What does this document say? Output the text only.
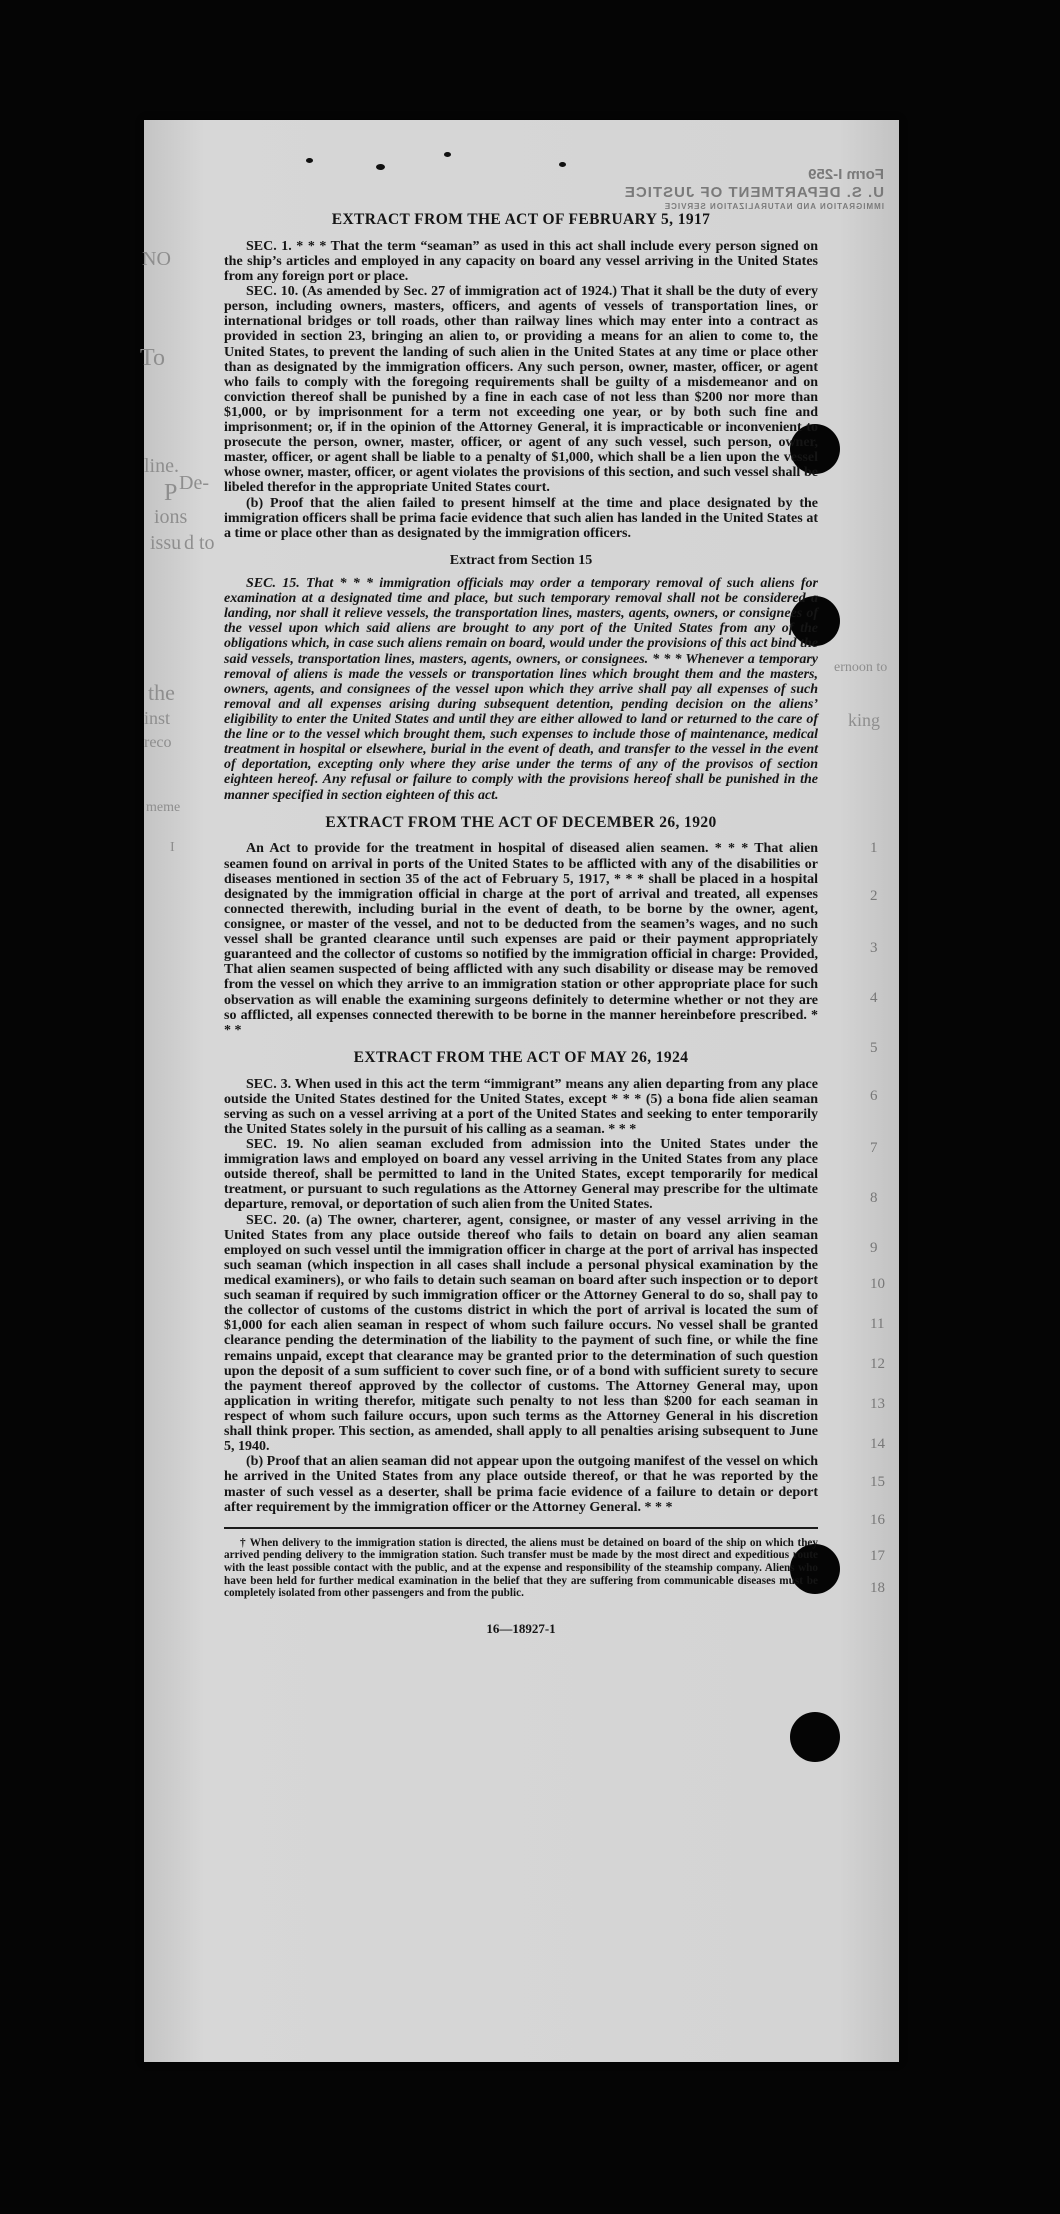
Form I-259
U. S. DEPARTMENT OF JUSTICE
IMMIGRATION AND NATURALIZATION SERVICE
NO
To
line.
P De-
ions
issu d to
the
inst
reco
meme
I
ernoon to
king
1
2
3
4
5
6
7
8
9
10
11
12
13
14
15
16
17
18
EXTRACT FROM THE ACT OF FEBRUARY 5, 1917

SEC. 1. * * * That the term “seaman” as used in this act shall include every person signed on the ship’s articles and employed in any capacity on board any vessel arriving in the United States from any foreign port or place.

SEC. 10. (As amended by Sec. 27 of immigration act of 1924.) That it shall be the duty of every person, including owners, masters, officers, and agents of vessels of transportation lines, or international bridges or toll roads, other than railway lines which may enter into a contract as provided in section 23, bringing an alien to, or providing a means for an alien to come to, the United States, to prevent the landing of such alien in the United States at any time or place other than as designated by the immigration officers. Any such person, owner, master, officer, or agent who fails to comply with the foregoing requirements shall be guilty of a misdemeanor and on conviction thereof shall be punished by a fine in each case of not less than $200 nor more than $1,000, or by imprisonment for a term not exceeding one year, or by both such fine and imprisonment; or, if in the opinion of the Attorney General, it is impracticable or inconvenient to prosecute the person, owner, master, officer, or agent of any such vessel, such person, owner, master, officer, or agent shall be liable to a penalty of $1,000, which shall be a lien upon the vessel whose owner, master, officer, or agent violates the provisions of this section, and such vessel shall be libeled therefor in the appropriate United States court.

(b) Proof that the alien failed to present himself at the time and place designated by the immigration officers shall be prima facie evidence that such alien has landed in the United States at a time or place other than as designated by the immigration officers.

Extract from Section 15

SEC. 15. That * * * immigration officials may order a temporary removal of such aliens for examination at a designated time and place, but such temporary removal shall not be considered a landing, nor shall it relieve vessels, the transportation lines, masters, agents, owners, or consignees of the vessel upon which said aliens are brought to any port of the United States from any of the obligations which, in case such aliens remain on board, would under the provisions of this act bind the said vessels, transportation lines, masters, agents, owners, or consignees. * * * Whenever a temporary removal of aliens is made the vessels or transportation lines which brought them and the masters, owners, agents, and consignees of the vessel upon which they arrive shall pay all expenses of such removal and all expenses arising during subsequent detention, pending decision on the aliens’ eligibility to enter the United States and until they are either allowed to land or returned to the care of the line or to the vessel which brought them, such expenses to include those of maintenance, medical treatment in hospital or elsewhere, burial in the event of death, and transfer to the vessel in the event of deportation, excepting only where they arise under the terms of any of the provisos of section eighteen hereof. Any refusal or failure to comply with the provisions hereof shall be punished in the manner specified in section eighteen of this act.

EXTRACT FROM THE ACT OF DECEMBER 26, 1920

An Act to provide for the treatment in hospital of diseased alien seamen. * * * That alien seamen found on arrival in ports of the United States to be afflicted with any of the disabilities or diseases mentioned in section 35 of the act of February 5, 1917, * * * shall be placed in a hospital designated by the immigration official in charge at the port of arrival and treated, all expenses connected therewith, including burial in the event of death, to be borne by the owner, agent, consignee, or master of the vessel, and not to be deducted from the seamen’s wages, and no such vessel shall be granted clearance until such expenses are paid or their payment appropriately guaranteed and the collector of customs so notified by the immigration official in charge: Provided, That alien seamen suspected of being afflicted with any such disability or disease may be removed from the vessel on which they arrive to an immigration station or other appropriate place for such observation as will enable the examining surgeons definitely to determine whether or not they are so afflicted, all expenses connected therewith to be borne in the manner hereinbefore prescribed. * * *

EXTRACT FROM THE ACT OF MAY 26, 1924

SEC. 3. When used in this act the term “immigrant” means any alien departing from any place outside the United States destined for the United States, except * * * (5) a bona fide alien seaman serving as such on a vessel arriving at a port of the United States and seeking to enter temporarily the United States solely in the pursuit of his calling as a seaman. * * *

SEC. 19. No alien seaman excluded from admission into the United States under the immigration laws and employed on board any vessel arriving in the United States from any place outside thereof, shall be permitted to land in the United States, except temporarily for medical treatment, or pursuant to such regulations as the Attorney General may prescribe for the ultimate departure, removal, or deportation of such alien from the United States.

SEC. 20. (a) The owner, charterer, agent, consignee, or master of any vessel arriving in the United States from any place outside thereof who fails to detain on board any alien seaman employed on such vessel until the immigration officer in charge at the port of arrival has inspected such seaman (which inspection in all cases shall include a personal physical examination by the medical examiners), or who fails to detain such seaman on board after such inspection or to deport such seaman if required by such immigration officer or the Attorney General to do so, shall pay to the collector of customs of the customs district in which the port of arrival is located the sum of $1,000 for each alien seaman in respect of whom such failure occurs. No vessel shall be granted clearance pending the determination of the liability to the payment of such fine, or while the fine remains unpaid, except that clearance may be granted prior to the determination of such question upon the deposit of a sum sufficient to cover such fine, or of a bond with sufficient surety to secure the payment thereof approved by the collector of customs. The Attorney General may, upon application in writing therefor, mitigate such penalty to not less than $200 for each seaman in respect of whom such failure occurs, upon such terms as the Attorney General in his discretion shall think proper. This section, as amended, shall apply to all penalties arising subsequent to June 5, 1940.

(b) Proof that an alien seaman did not appear upon the outgoing manifest of the vessel on which he arrived in the United States from any place outside thereof, or that he was reported by the master of such vessel as a deserter, shall be prima facie evidence of a failure to detain or deport after requirement by the immigration officer or the Attorney General. * * *

† When delivery to the immigration station is directed, the aliens must be detained on board of the ship on which they arrived pending delivery to the immigration station. Such transfer must be made by the most direct and expeditious route with the least possible contact with the public, and at the expense and responsibility of the steamship company. Aliens who have been held for further medical examination in the belief that they are suffering from communicable diseases must be completely isolated from other passengers and from the public.

16—18927-1
